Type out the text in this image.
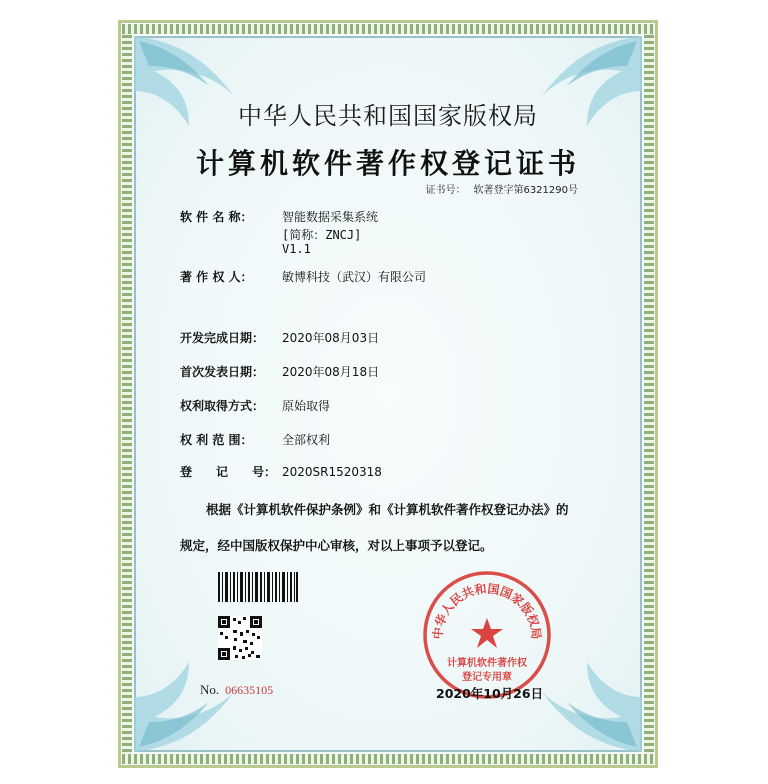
中华人民共和国国家版权局
计算机软件著作权登记证书
证书号： 软著登字第6321290号
软 件 名 称： 智能数据采集系统
[简称：ZNCJ]
V1.1
著 作 权 人： 敏博科技（武汉）有限公司
开发完成日期： 2020年08月03日
首次发表日期： 2020年08月18日
权利取得方式： 原始取得
权 利 范 围： 全部权利
登　　记　　号： 2020SR1520318
根据《计算机软件保护条例》和《计算机软件著作权登记办法》的
规定，经中国版权保护中心审核，对以上事项予以登记。
中华人民共和国国家版权局
计算机软件著作权
登记专用章
No. 06635105	2020年10月26日
